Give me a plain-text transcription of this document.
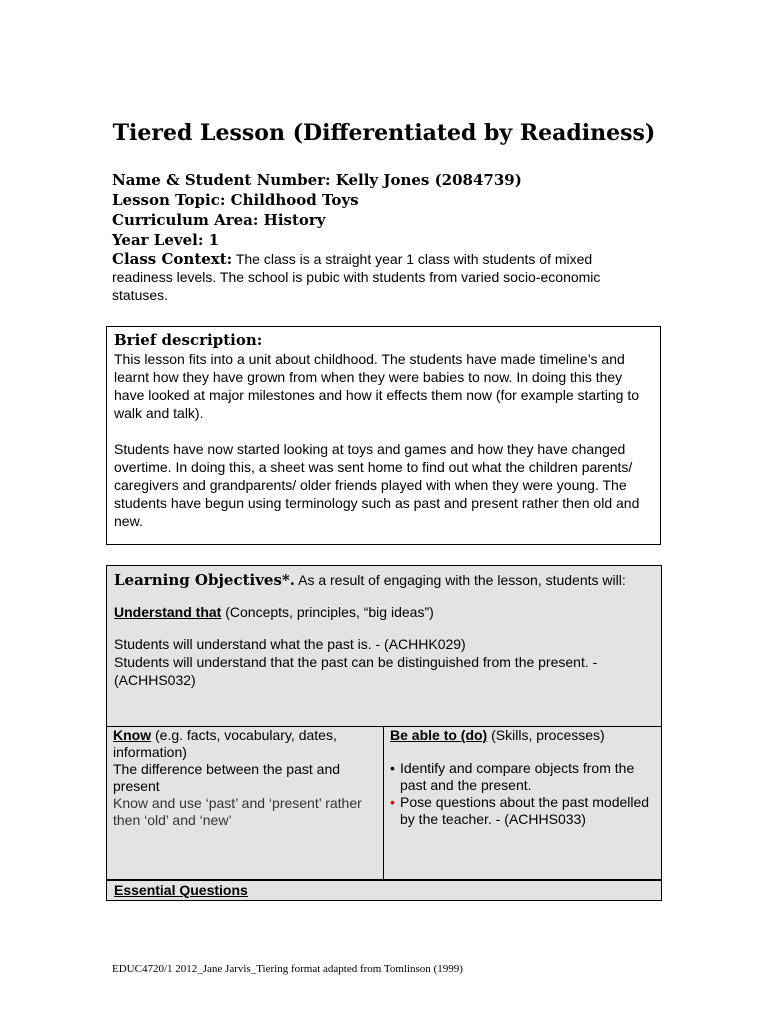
Tiered Lesson (Differentiated by Readiness)
Name & Student Number: Kelly Jones (2084739)
Lesson Topic: Childhood Toys
Curriculum Area: History
Year Level: 1
Class Context: The class is a straight year 1 class with students of mixed readiness levels. The school is pubic with students from varied socio-economic statuses.
Brief description:

This lesson fits into a unit about childhood. The students have made timeline’s and learnt how they have grown from when they were babies to now. In doing this they have looked at major milestones and how it effects them now (for example starting to walk and talk).

Students have now started looking at toys and games and how they have changed overtime. In doing this, a sheet was sent home to find out what the children parents/ caregivers and grandparents/ older friends played with when they were young. The students have begun using terminology such as past and present rather then old and new.

Learning Objectives*. As a result of engaging with the lesson, students will:
Understand that (Concepts, principles, “big ideas”)
Students will understand what the past is. - (ACHHK029)
Students will understand that the past can be distinguished from the present. - (ACHHS032)
Know (e.g. facts, vocabulary, dates, information)
The difference between the past and present
Know and use ‘past’ and ‘present’ rather then ‘old’ and ‘new’
Be able to (do) (Skills, processes)
• Identify and compare objects from the past and the present.
• Pose questions about the past modelled by the teacher. - (ACHHS033)
Essential Questions
EDUC4720/1 2012_Jane Jarvis_Tiering format adapted from Tomlinson (1999)
